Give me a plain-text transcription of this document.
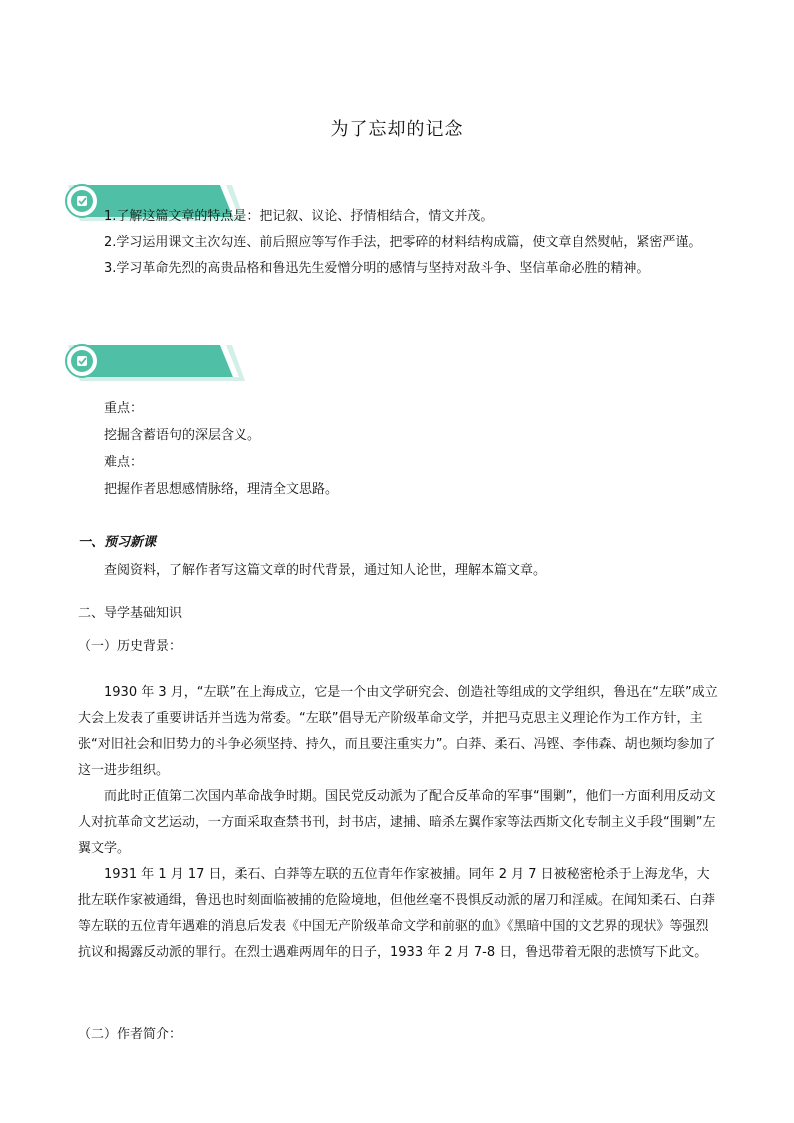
为了忘却的记念
1.了解这篇文章的特点是：把记叙、议论、抒情相结合，情文并茂。
2.学习运用课文主次勾连、前后照应等写作手法，把零碎的材料结构成篇，使文章自然熨帖，紧密严谨。
3.学习革命先烈的高贵品格和鲁迅先生爱憎分明的感情与坚持对敌斗争、坚信革命必胜的精神。
重点：
挖掘含蓄语句的深层含义。
难点：
把握作者思想感情脉络，理清全文思路。
一、预习新课
查阅资料，了解作者写这篇文章的时代背景，通过知人论世，理解本篇文章。
二、导学基础知识
（一）历史背景：
1930 年 3 月，“左联”在上海成立，它是一个由文学研究会、创造社等组成的文学组织，鲁迅在“左联”成立大会上发表了重要讲话并当选为常委。“左联”倡导无产阶级革命文学，并把马克思主义理论作为工作方针，主张“对旧社会和旧势力的斗争必须坚持、持久，而且要注重实力”。白莽、柔石、冯铿、李伟森、胡也频均参加了这一进步组织。
而此时正值第二次国内革命战争时期。国民党反动派为了配合反革命的军事“围剿”，他们一方面利用反动文人对抗革命文艺运动，一方面采取查禁书刊，封书店，逮捕、暗杀左翼作家等法西斯文化专制主义手段“围剿”左翼文学。
1931 年 1 月 17 日，柔石、白莽等左联的五位青年作家被捕。同年 2 月 7 日被秘密枪杀于上海龙华，大批左联作家被通缉，鲁迅也时刻面临被捕的危险境地，但他丝毫不畏惧反动派的屠刀和淫威。在闻知柔石、白莽等左联的五位青年遇难的消息后发表《中国无产阶级革命文学和前驱的血》《黑暗中国的文艺界的现状》等强烈抗议和揭露反动派的罪行。在烈士遇难两周年的日子，1933 年 2 月 7-8 日，鲁迅带着无限的悲愤写下此文。
（二）作者简介：
